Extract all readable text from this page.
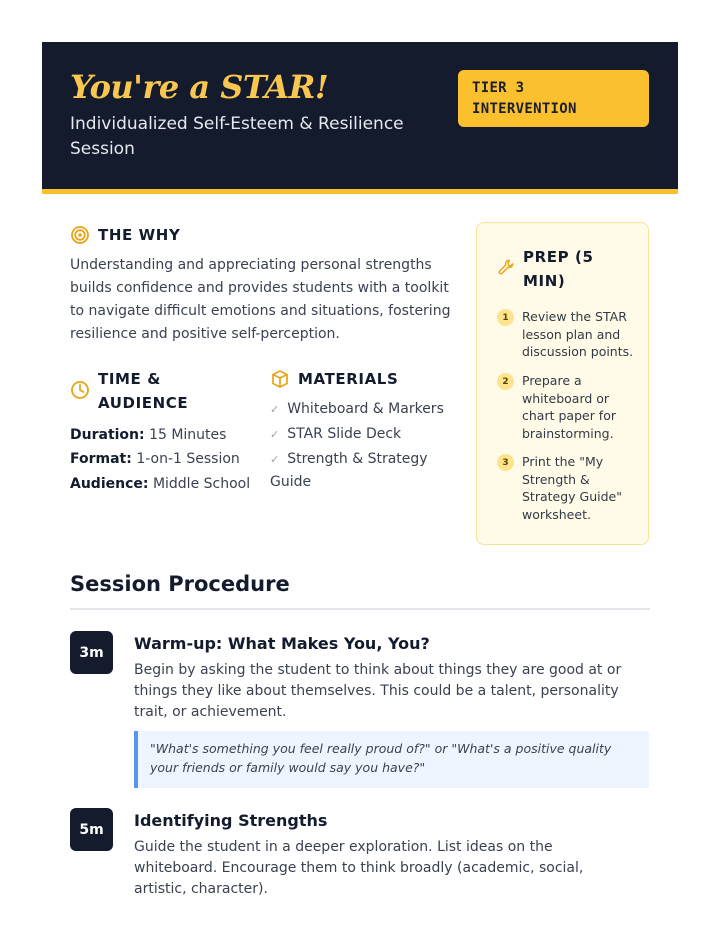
You're a STAR!
Individualized Self-Esteem & Resilience Session
TIER 3
INTERVENTION
THE WHY
Understanding and appreciating personal strengths builds confidence and provides students with a toolkit to navigate difficult emotions and situations, fostering resilience and positive self-perception.
TIME &
AUDIENCE
Duration: 15 Minutes
Format: 1-on-1 Session
Audience: Middle School
MATERIALS
✓ Whiteboard & Markers
✓ STAR Slide Deck
✓ Strength & Strategy Guide
PREP (5
MIN)
1	Review the STAR lesson plan and discussion points.
2	Prepare a whiteboard or chart paper for brainstorming.
3	Print the "My Strength & Strategy Guide" worksheet.
Session Procedure
3m	Warm-up: What Makes You, You?
Begin by asking the student to think about things they are good at or things they like about themselves. This could be a talent, personality trait, or achievement.
"What's something you feel really proud of?" or "What's a positive quality your friends or family would say you have?"
5m	Identifying Strengths
Guide the student in a deeper exploration. List ideas on the whiteboard. Encourage them to think broadly (academic, social, artistic, character).
